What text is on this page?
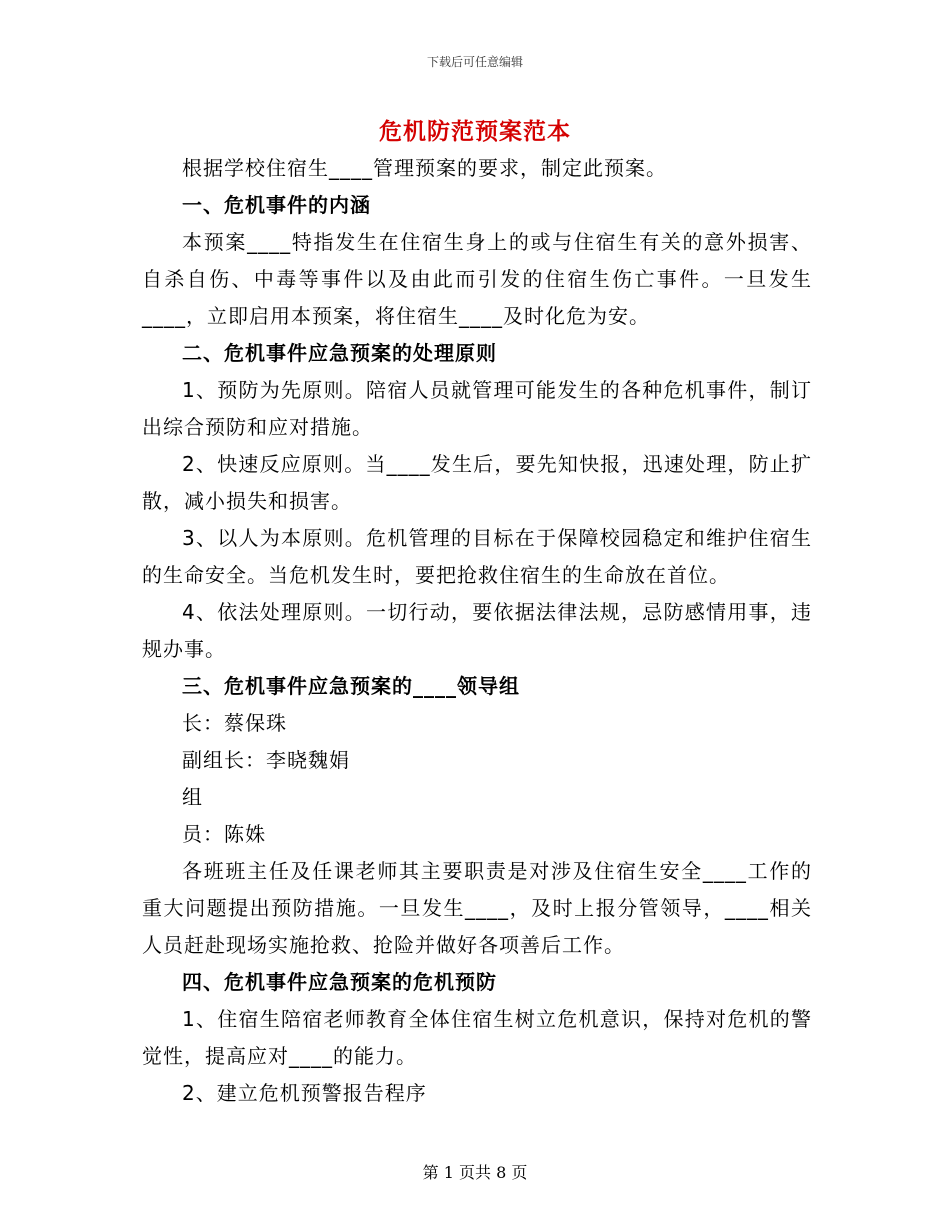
下载后可任意编辑
危机防范预案范本

根据学校住宿生____管理预案的要求，制定此预案。

一、危机事件的内涵

本预案____特指发生在住宿生身上的或与住宿生有关的意外损害、自杀自伤、中毒等事件以及由此而引发的住宿生伤亡事件。一旦发生____，立即启用本预案，将住宿生____及时化危为安。

二、危机事件应急预案的处理原则

1、预防为先原则。陪宿人员就管理可能发生的各种危机事件，制订出综合预防和应对措施。

2、快速反应原则。当____发生后，要先知快报，迅速处理，防止扩散，减小损失和损害。

3、以人为本原则。危机管理的目标在于保障校园稳定和维护住宿生的生命安全。当危机发生时，要把抢救住宿生的生命放在首位。

4、依法处理原则。一切行动，要依据法律法规，忌防感情用事，违规办事。

三、危机事件应急预案的____领导组

长：蔡保珠

副组长：李晓魏娟

组

员：陈姝

各班班主任及任课老师其主要职责是对涉及住宿生安全____工作的重大问题提出预防措施。一旦发生____，及时上报分管领导，____相关人员赶赴现场实施抢救、抢险并做好各项善后工作。

四、危机事件应急预案的危机预防

1、住宿生陪宿老师教育全体住宿生树立危机意识，保持对危机的警觉性，提高应对____的能力。

2、建立危机预警报告程序

第 1 页共 8 页
